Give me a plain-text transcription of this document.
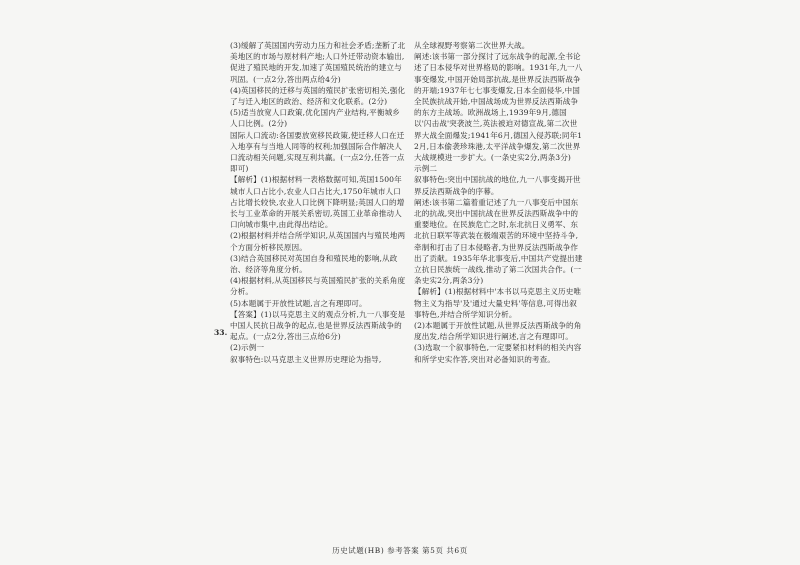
(3)缓解了英国国内劳动力压力和社会矛盾;垄断了北美地区的市场与原材料产地;人口外迁带动资本输出,促进了殖民地的开发,加速了英国殖民统治的建立与巩固。(一点2分,答出两点给4分)

(4)英国移民的迁移与英国的殖民扩张密切相关,强化了与迁入地区的政治、经济和文化联系。(2分)

(5)适当放宽人口政策,优化国内产业结构,平衡城乡人口比例。(2分)

国际人口流动:各国要放宽移民政策,使迁移人口在迁入地享有与当地人同等的权利;加强国际合作解决人口流动相关问题,实现互利共赢。(一点2分,任答一点即可)

【解析】(1)根据材料一表格数据可知,英国1500年城市人口占比小,农业人口占比大,1750年城市人口占比增长较快,农业人口比例下降明显;英国人口的增长与工业革命的开展关系密切,英国工业革命推动人口向城市集中,由此得出结论。

(2)根据材料并结合所学知识,从英国国内与殖民地两个方面分析移民原因。

(3)结合英国移民对英国自身和殖民地的影响,从政治、经济等角度分析。

(4)根据材料,从英国移民与英国殖民扩张的关系角度分析。

(5)本题属于开放性试题,言之有理即可。

【答案】(1)以马克思主义的观点分析,九一八事变是中国人民抗日战争的起点,也是世界反法西斯战争的起点。(一点2分,答出三点给6分)

(2)示例一

叙事特色:以马克思主义世界历史理论为指导,

33.

从全球视野考察第二次世界大战。

阐述:该书第一部分探讨了远东战争的起源,全书论述了日本侵华对世界格局的影响。1931年,九一八事变爆发,中国开始局部抗战,是世界反法西斯战争的开端;1937年七七事变爆发,日本全面侵华,中国全民族抗战开始,中国战场成为世界反法西斯战争的东方主战场。欧洲战场上,1939年9月,德国以'闪击战'突袭波兰,英法被迫对德宣战,第二次世界大战全面爆发;1941年6月,德国入侵苏联;同年12月,日本偷袭珍珠港,太平洋战争爆发,第二次世界大战规模进一步扩大。(一条史实2分,两条3分)

示例二

叙事特色:突出中国抗战的地位,九一八事变揭开世界反法西斯战争的序幕。

阐述:该书第二篇着重记述了九一八事变后中国东北的抗战,突出中国抗战在世界反法西斯战争中的重要地位。在民族危亡之时,东北抗日义勇军、东北抗日联军等武装在极端艰苦的环境中坚持斗争,牵制和打击了日本侵略者,为世界反法西斯战争作出了贡献。1935年华北事变后,中国共产党提出建立抗日民族统一战线,推动了第二次国共合作。(一条史实2分,两条3分)

【解析】(1)根据材料中'本书以马克思主义历史唯物主义为指导'及'通过大量史料'等信息,可得出叙事特色,并结合所学知识分析。

(2)本题属于开放性试题,从世界反法西斯战争的角度出发,结合所学知识进行阐述,言之有理即可。

(3)选取一个叙事特色,一定要紧扣材料的相关内容和所学史实作答,突出对必备知识的考查。

历史试题(HB) 参考答案 第5页 共6页
